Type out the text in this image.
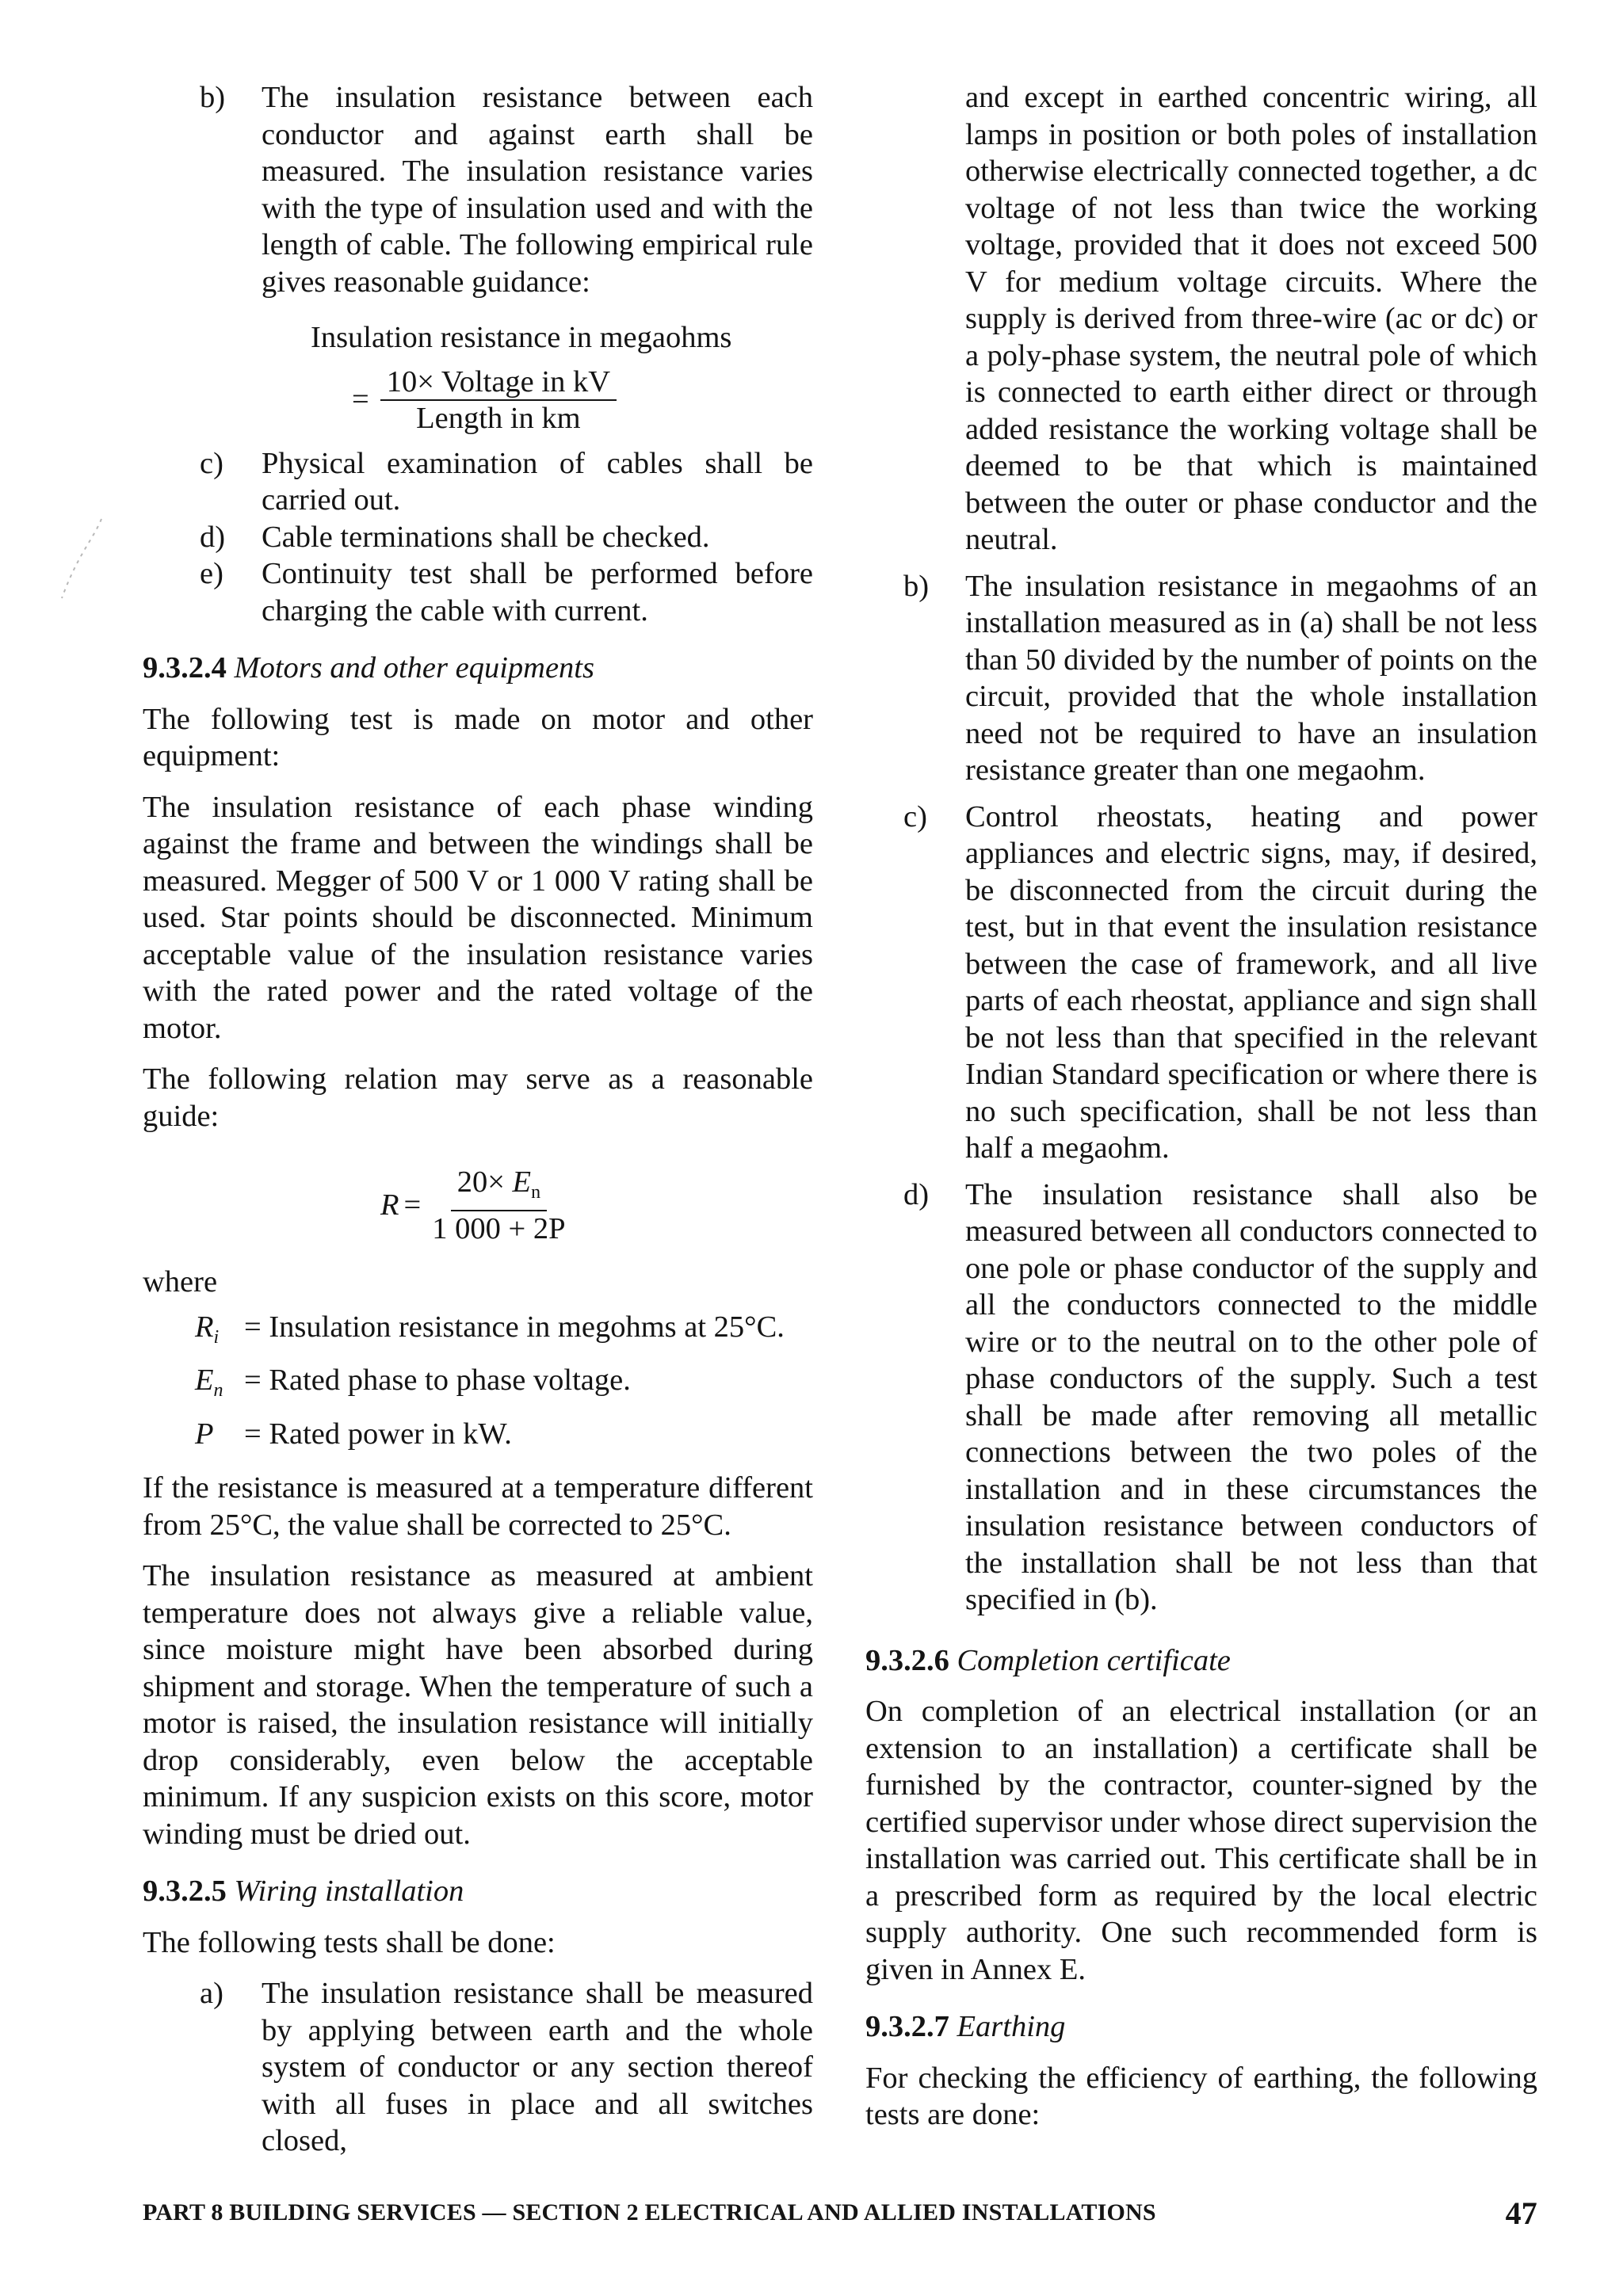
b)	The insulation resistance between each conductor and against earth shall be measured. The insulation resistance varies with the type of insulation used and with the length of cable. The following empirical rule gives reasonable guidance:

Insulation resistance in megaohms

= $\frac{\text{10× Voltage in kV}}{\text{Length in km}}$
c)	Physical examination of cables shall be carried out.
d)	Cable terminations shall be checked.
e)	Continuity test shall be performed before charging the cable with current.

9.3.2.4 Motors and other equipments

The following test is made on motor and other equipment:

The insulation resistance of each phase winding against the frame and between the windings shall be measured. Megger of 500 V or 1 000 V rating shall be used. Star points should be disconnected. Minimum acceptable value of the insulation resistance varies with the rated power and the rated voltage of the motor.

The following relation may serve as a reasonable guide:

$R = \frac{20\times E_n}{1 000 + 2P}$

where

$R_i$ = Insulation resistance in megohms at 25°C.
$E_n$ = Rated phase to phase voltage.
P = Rated power in kW.

If the resistance is measured at a temperature different from 25°C, the value shall be corrected to 25°C.

The insulation resistance as measured at ambient temperature does not always give a reliable value, since moisture might have been absorbed during shipment and storage. When the temperature of such a motor is raised, the insulation resistance will initially drop considerably, even below the acceptable minimum. If any suspicion exists on this score, motor winding must be dried out.

9.3.2.5 Wiring installation

The following tests shall be done:

a)	The insulation resistance shall be measured by applying between earth and the whole system of conductor or any section thereof with all fuses in place and all switches closed,

and except in earthed concentric wiring, all lamps in position or both poles of installation otherwise electrically connected together, a dc voltage of not less than twice the working voltage, provided that it does not exceed 500 V for medium voltage circuits. Where the supply is derived from three-wire (ac or dc) or a poly-phase system, the neutral pole of which is connected to earth either direct or through added resistance the working voltage shall be deemed to be that which is maintained between the outer or phase conductor and the neutral.

b)	The insulation resistance in megaohms of an installation measured as in (a) shall be not less than 50 divided by the number of points on the circuit, provided that the whole installation need not be required to have an insulation resistance greater than one megaohm.
c)	Control rheostats, heating and power appliances and electric signs, may, if desired, be disconnected from the circuit during the test, but in that event the insulation resistance between the case of framework, and all live parts of each rheostat, appliance and sign shall be not less than that specified in the relevant Indian Standard specification or where there is no such specification, shall be not less than half a megaohm.
d)	The insulation resistance shall also be measured between all conductors connected to one pole or phase conductor of the supply and all the conductors connected to the middle wire or to the neutral on to the other pole of phase conductors of the supply. Such a test shall be made after removing all metallic connections between the two poles of the installation and in these circumstances the insulation resistance between conductors of the installation shall be not less than that specified in (b).

9.3.2.6 Completion certificate

On completion of an electrical installation (or an extension to an installation) a certificate shall be furnished by the contractor, counter-signed by the certified supervisor under whose direct supervision the installation was carried out. This certificate shall be in a prescribed form as required by the local electric supply authority. One such recommended form is given in Annex E.

9.3.2.7 Earthing

For checking the efficiency of earthing, the following tests are done:

PART 8 BUILDING SERVICES — SECTION 2 ELECTRICAL AND ALLIED INSTALLATIONS	47
